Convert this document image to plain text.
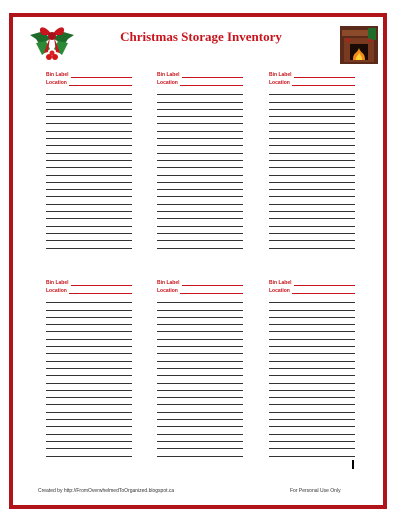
Christmas Storage Inventory
Bin Label
Location
Bin Label
Location
Bin Label
Location
Bin Label
Location
Bin Label
Location
Bin Label
Location
Created by http://FromOverwhelmedToOrganized.blogspot.ca	For Personal Use Only
